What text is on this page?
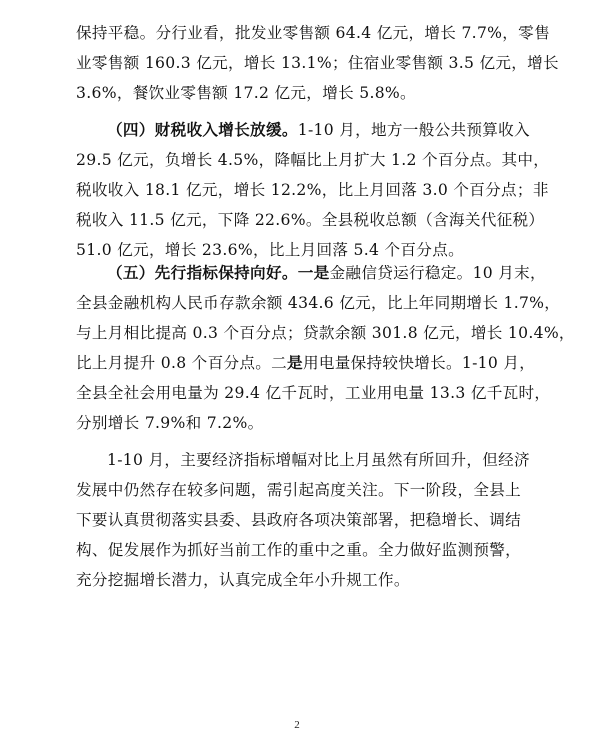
保持平稳。分行业看，批发业零售额 64.4 亿元，增长 7.7%，零售
业零售额 160.3 亿元，增长 13.1%；住宿业零售额 3.5 亿元，增长
3.6%，餐饮业零售额 17.2 亿元，增长 5.8%。
（四）财税收入增长放缓。1-10 月，地方一般公共预算收入
29.5 亿元，负增长 4.5%，降幅比上月扩大 1.2 个百分点。其中，
税收收入 18.1 亿元，增长 12.2%，比上月回落 3.0 个百分点；非
税收入 11.5 亿元，下降 22.6%。全县税收总额（含海关代征税）
51.0 亿元，增长 23.6%，比上月回落 5.4 个百分点。
（五）先行指标保持向好。一是金融信贷运行稳定。10 月末，
全县金融机构人民币存款余额 434.6 亿元，比上年同期增长 1.7%，
与上月相比提高 0.3 个百分点；贷款余额 301.8 亿元，增长 10.4%，
比上月提升 0.8 个百分点。二是用电量保持较快增长。1-10 月，
全县全社会用电量为 29.4 亿千瓦时，工业用电量 13.3 亿千瓦时，
分别增长 7.9%和 7.2%。
1-10 月，主要经济指标增幅对比上月虽然有所回升，但经济
发展中仍然存在较多问题，需引起高度关注。下一阶段，全县上
下要认真贯彻落实县委、县政府各项决策部署，把稳增长、调结
构、促发展作为抓好当前工作的重中之重。全力做好监测预警，
充分挖掘增长潜力，认真完成全年小升规工作。
2
